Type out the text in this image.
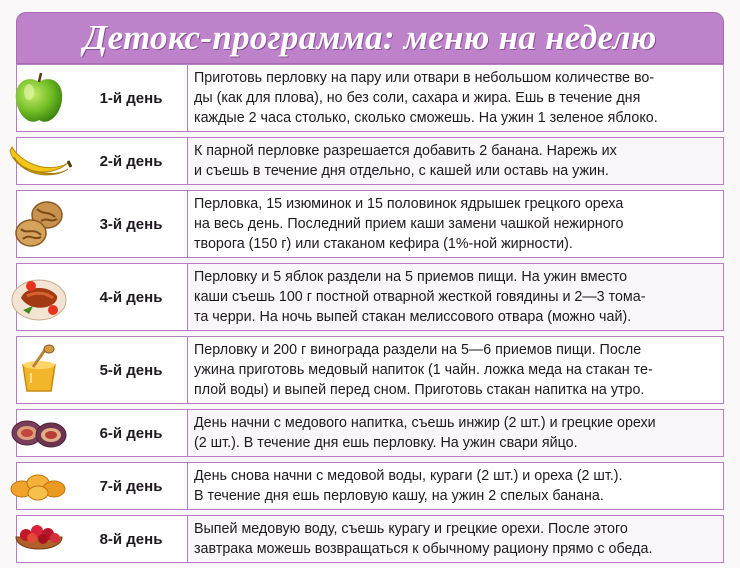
Детокс-программа: меню на неделю
1-й день
Приготовь перловку на пару или отвари в небольшом количестве во-
ды (как для плова), но без соли, сахара и жира. Ешь в течение дня
каждые 2 часа столько, сколько сможешь. На ужин 1 зеленое яблоко.
2-й день
К парной перловке разрешается добавить 2 банана. Нарежь их
и съешь в течение дня отдельно, с кашей или оставь на ужин.
3-й день
Перловка, 15 изюминок и 15 половинок ядрышек грецкого ореха
на весь день. Последний прием каши замени чашкой нежирного
творога (150 г) или стаканом кефира (1%-ной жирности).
4-й день
Перловку и 5 яблок раздели на 5 приемов пищи. На ужин вместо
каши съешь 100 г постной отварной жесткой говядины и 2—3 тома-
та черри. На ночь выпей стакан мелиссового отвара (можно чай).
5-й день
Перловку и 200 г винограда раздели на 5—6 приемов пищи. После
ужина приготовь медовый напиток (1 чайн. ложка меда на стакан те-
плой воды) и выпей перед сном. Приготовь стакан напитка на утро.
6-й день
День начни с медового напитка, съешь инжир (2 шт.) и грецкие орехи
(2 шт.). В течение дня ешь перловку. На ужин свари яйцо.
7-й день
День снова начни с медовой воды, кураги (2 шт.) и ореха (2 шт.).
В течение дня ешь перловую кашу, на ужин 2 спелых банана.
8-й день
Выпей медовую воду, съешь курагу и грецкие орехи. После этого
завтрака можешь возвращаться к обычному рациону прямо с обеда.
